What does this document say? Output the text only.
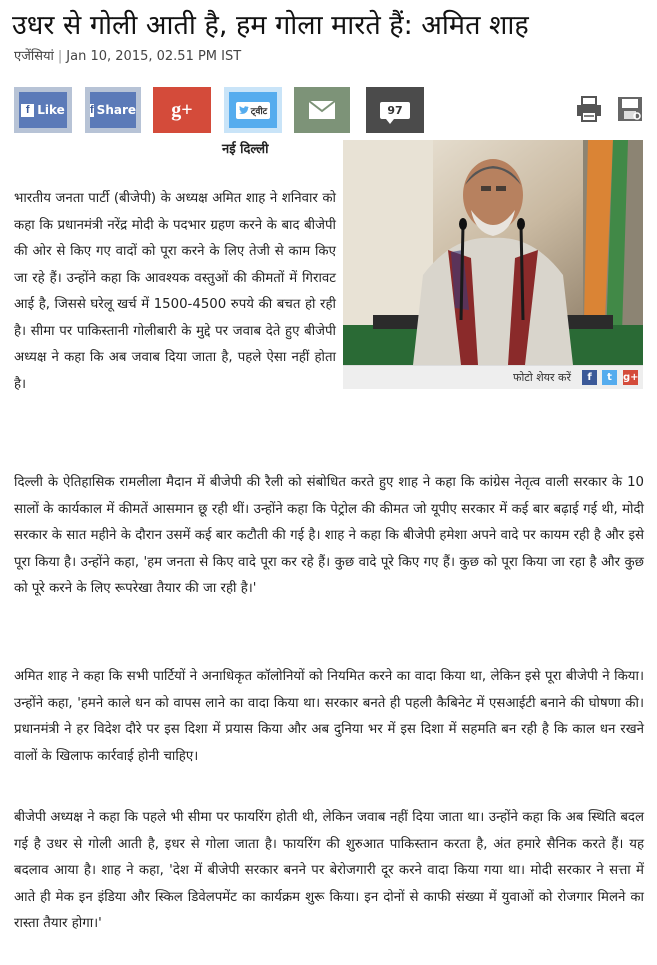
उधर से गोली आती है, हम गोला मारते हैं: अमित शाह
एजेंसियां | Jan 10, 2015, 02.51 PM IST
f Like f Share g+	ट्वीट	97
नई दिल्ली
फोटो शेयर करें	f	t	g+

भारतीय जनता पार्टी (बीजेपी) के अध्यक्ष अमित शाह ने शनिवार को कहा कि प्रधानमंत्री नरेंद्र मोदी के पदभार ग्रहण करने के बाद बीजेपी की ओर से किए गए वादों को पूरा करने के लिए तेजी से काम किए जा रहे हैं। उन्होंने कहा कि आवश्यक वस्तुओं की कीमतों में गिरावट आई है, जिससे घरेलू खर्च में 1500-4500 रुपये की बचत हो रही है। सीमा पर पाकिस्तानी गोलीबारी के मुद्दे पर जवाब देते हुए बीजेपी अध्यक्ष ने कहा कि अब जवाब दिया जाता है, पहले ऐसा नहीं होता है।

दिल्ली के ऐतिहासिक रामलीला मैदान में बीजेपी की रैली को संबोधित करते हुए शाह ने कहा कि कांग्रेस नेतृत्व वाली सरकार के 10 सालों के कार्यकाल में कीमतें आसमान छू रही थीं। उन्होंने कहा कि पेट्रोल की कीमत जो यूपीए सरकार में कई बार बढ़ाई गई थी, मोदी सरकार के सात महीने के दौरान उसमें कई बार कटौती की गई है। शाह ने कहा कि बीजेपी हमेशा अपने वादे पर कायम रही है और इसे पूरा किया है। उन्होंने कहा, 'हम जनता से किए वादे पूरा कर रहे हैं। कुछ वादे पूरे किए गए हैं। कुछ को पूरा किया जा रहा है और कुछ को पूरे करने के लिए रूपरेखा तैयार की जा रही है।'

अमित शाह ने कहा कि सभी पार्टियों ने अनाधिकृत कॉलोनियों को नियमित करने का वादा किया था, लेकिन इसे पूरा बीजेपी ने किया। उन्होंने कहा, 'हमने काले धन को वापस लाने का वादा किया था। सरकार बनते ही पहली कैबिनेट में एसआईटी बनाने की घोषणा की। प्रधानमंत्री ने हर विदेश दौरे पर इस दिशा में प्रयास किया और अब दुनिया भर में इस दिशा में सहमति बन रही है कि काल धन रखने वालों के खिलाफ कार्रवाई होनी चाहिए।

बीजेपी अध्यक्ष ने कहा कि पहले भी सीमा पर फायरिंग होती थी, लेकिन जवाब नहीं दिया जाता था। उन्होंने कहा कि अब स्थिति बदल गई है उधर से गोली आती है, इधर से गोला जाता है। फायरिंग की शुरुआत पाकिस्तान करता है, अंत हमारे सैनिक करते हैं। यह बदलाव आया है। शाह ने कहा, 'देश में बीजेपी सरकार बनने पर बेरोजगारी दूर करने वादा किया गया था। मोदी सरकार ने सत्ता में आते ही मेक इन इंडिया और स्किल डिवेलपमेंट का कार्यक्रम शुरू किया। इन दोनों से काफी संख्या में युवाओं को रोजगार मिलने का रास्ता तैयार होगा।'
